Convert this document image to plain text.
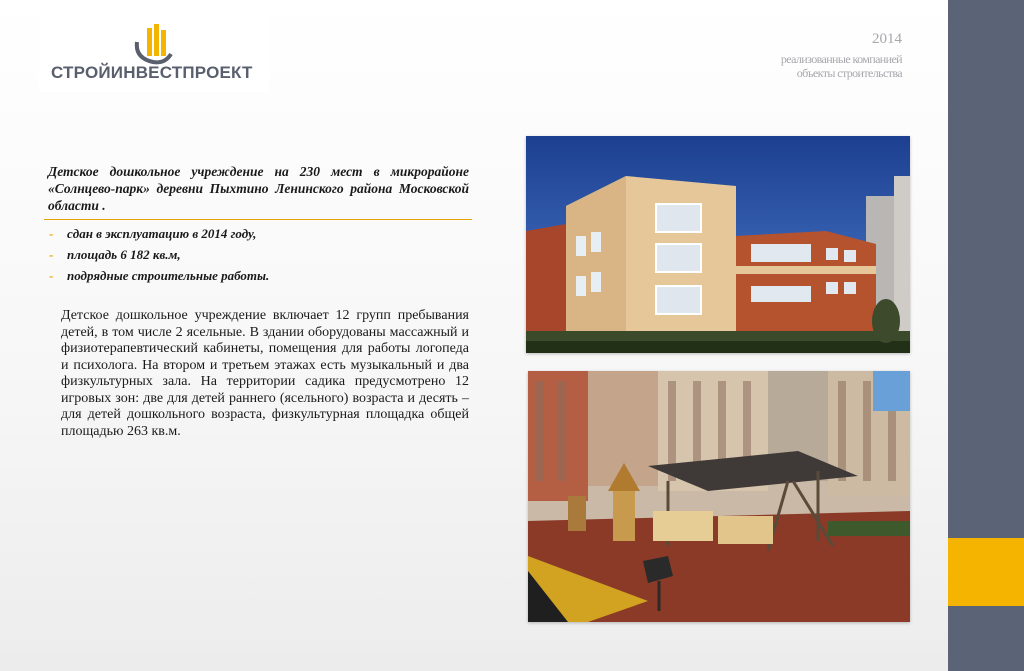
СТРОЙИНВЕСТПРОЕКТ
2014
реализованные компанией
объекты строительства
Детское дошкольное учреждение на 230 мест в микрорайоне «Солнцево-парк» деревни Пыхтино Ленинского района Московской области .
-	сдан в эксплуатацию в 2014 году,
-	площадь 6 182 кв.м,
-	подрядные строительные работы.
Детское дошкольное учреждение включает 12 групп пребывания детей, в том числе 2 ясельные. В здании оборудованы массажный и физиотерапевтический кабинеты, помещения для работы логопеда и психолога. На втором и третьем этажах есть музыкальный и два физкультурных зала. На территории садика предусмотрено 12 игровых зон: две для детей раннего (ясельного) возраста и десять – для детей дошкольного возраста, физкультурная площадка общей площадью 263 кв.м.
